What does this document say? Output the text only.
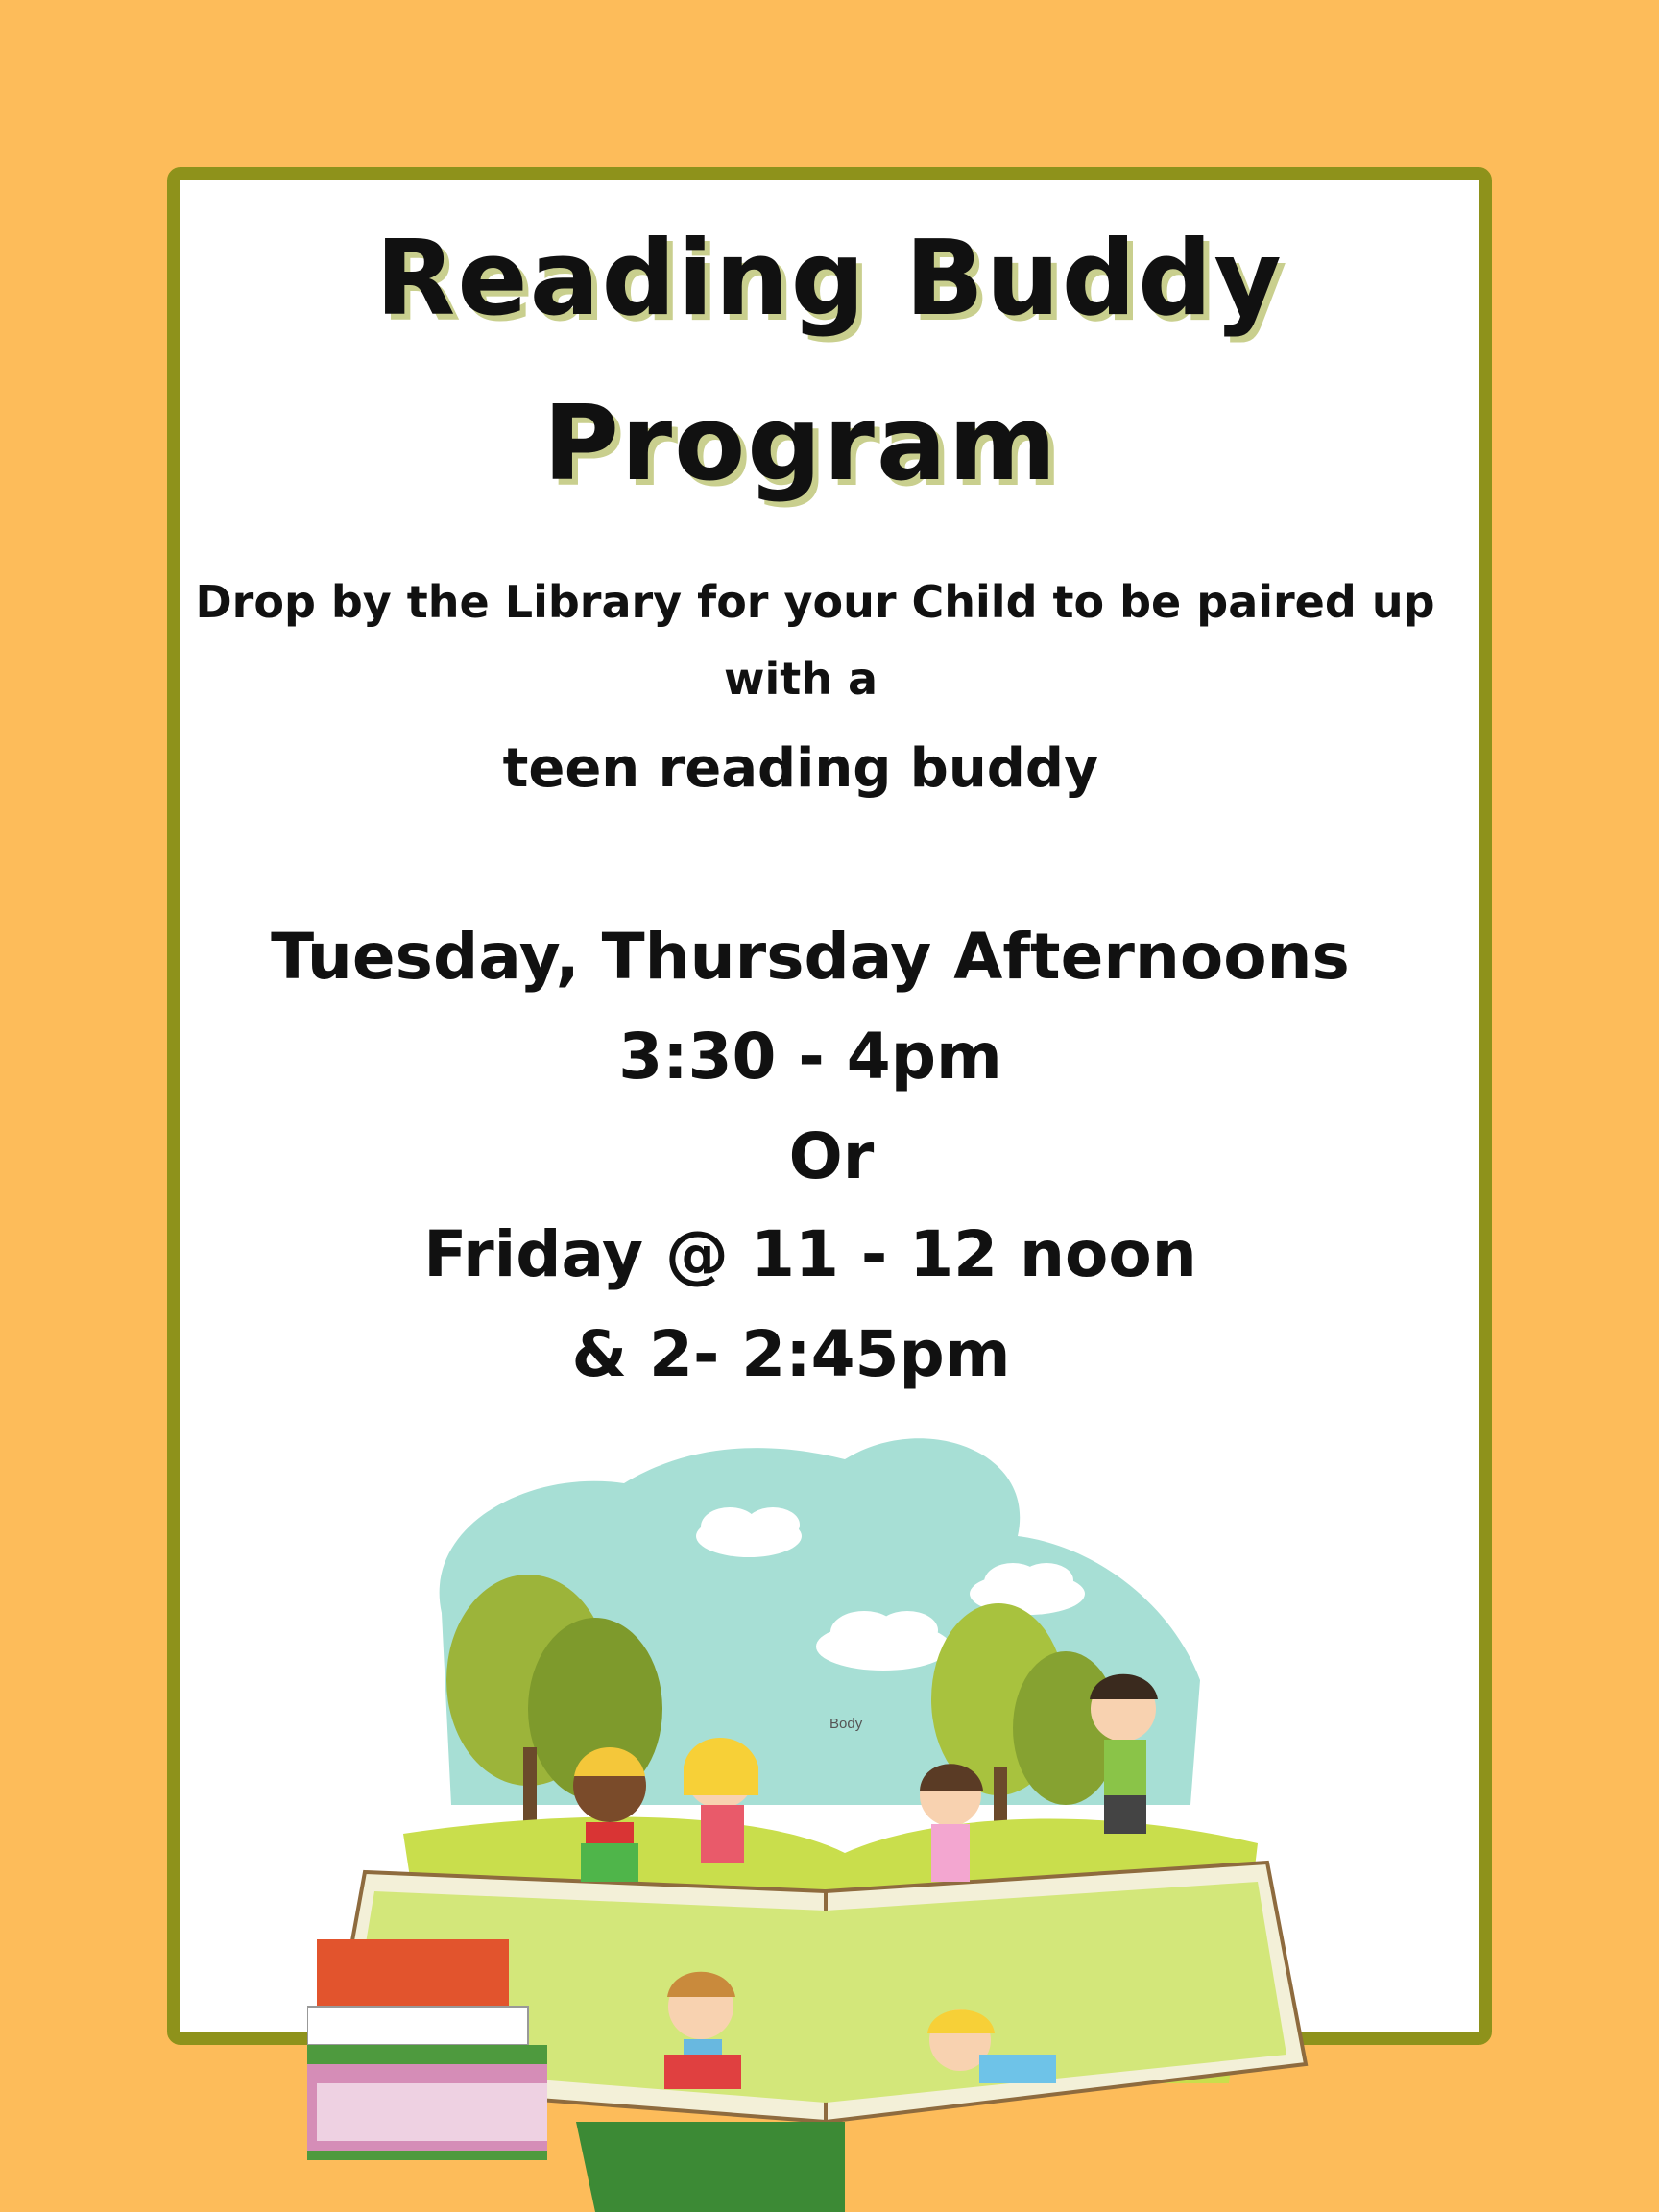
Reading Buddy
Program

Drop by the Library for your Child to be paired up

with a

teen reading buddy

Tuesday, Thursday Afternoons

3:30 - 4pm

Or

Friday @ 11 - 12 noon

& 2- 2:45pm

Body
